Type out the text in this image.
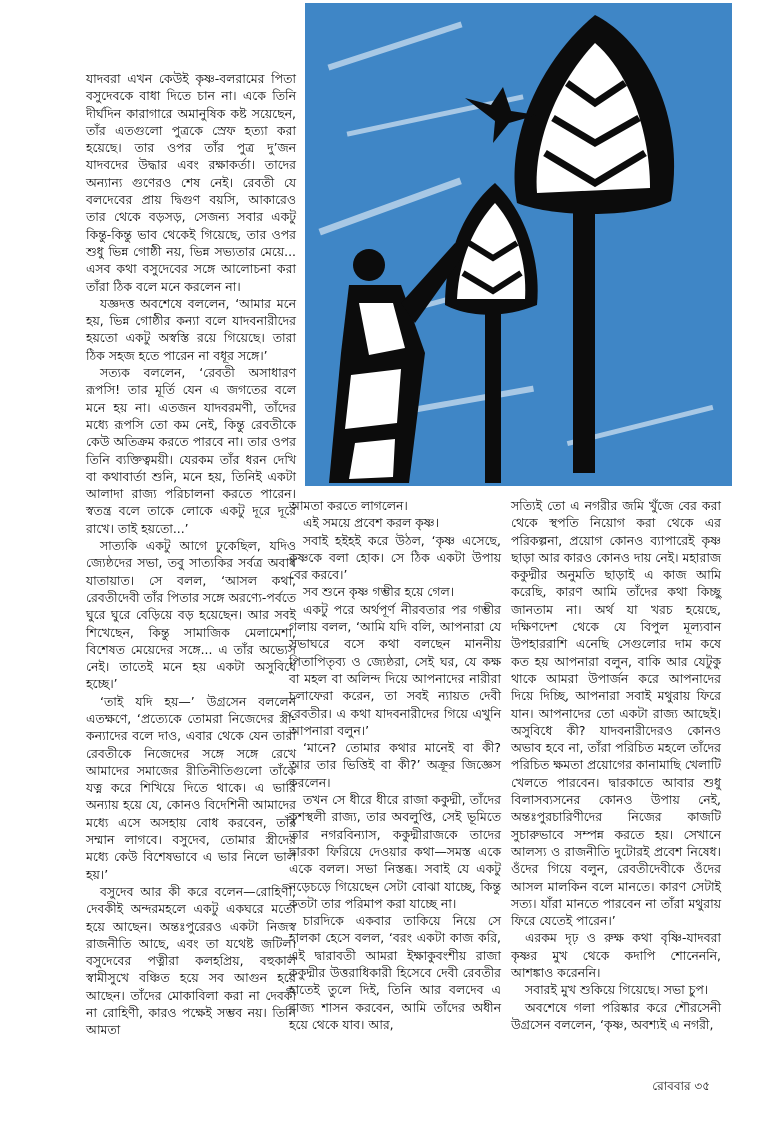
যাদবরা এখন কেউই কৃষ্ণ-বলরামের পিতা বসুদেবকে বাধা দিতে চান না। একে তিনি দীর্ঘদিন কারাগারে অমানুষিক কষ্ট সয়েছেন, তাঁর এতগুলো পুত্রকে স্রেফ হত্যা করা হয়েছে। তার ওপর তাঁর পুত্র দু’জন যাদবদের উদ্ধার এবং রক্ষাকর্তা। তাদের অন্যান্য গুণেরও শেষ নেই। রেবতী যে বলদেবের প্রায় দ্বিগুণ বয়সি, আকারেও তার থেকে বড়সড়, সেজন্য সবার একটু কিন্তু-কিন্তু ভাব থেকেই গিয়েছে, তার ওপর শুধু ভিন্ন গোষ্ঠী নয়, ভিন্ন সভ্যতার মেয়ে... এসব কথা বসুদেবের সঙ্গে আলোচনা করা তাঁরা ঠিক বলে মনে করলেন না।

যজ্ঞদত্ত অবশেষে বললেন, ‘আমার মনে হয়, ভিন্ন গোষ্ঠীর কন্যা বলে যাদবনারীদের হয়তো একটু অস্বস্তি রয়ে গিয়েছে। তারা ঠিক সহজ হতে পারেন না বধূর সঙ্গে।’

সত্যক বললেন, ‘রেবতী অসাধারণ রূপসি! তার মূর্তি যেন এ জগতের বলে মনে হয় না। এতজন যাদবরমণী, তাঁদের মধ্যে রূপসি তো কম নেই, কিন্তু রেবতীকে কেউ অতিক্রম করতে পারবে না। তার ওপর তিনি ব্যক্তিত্বময়ী। যেরকম তাঁর ধরন দেখি বা কথাবার্তা শুনি, মনে হয়, তিনিই একটা আলাদা রাজ্য পরিচালনা করতে পারেন। স্বতন্ত্র বলে তাকে লোকে একটু দূরে দূরে রাখে। তাই হয়তো...’

সাত্যকি একটু আগে ঢুকেছিল, যদিও জ্যেষ্ঠদের সভা, তবু সাত্যকির সর্বত্র অবাধ যাতায়াত। সে বলল, ‘আসল কথা, রেবতীদেবী তাঁর পিতার সঙ্গে অরণ্যে-পর্বতে ঘুরে ঘুরে বেড়িয়ে বড় হয়েছেন। আর সবই শিখেছেন, কিন্তু সামাজিক মেলামেশা, বিশেষত মেয়েদের সঙ্গে... এ তাঁর অভ্যেস নেই। তাতেই মনে হয় একটা অসুবিধে হচ্ছে।’

‘তাই যদি হয়—’ উগ্রসেন বললেন এতক্ষণে, ‘প্রত্যেকে তোমরা নিজেদের স্ত্রী-কন্যাদের বলে দাও, এবার থেকে যেন তারা রেবতীকে নিজেদের সঙ্গে সঙ্গে রেখে আমাদের সমাজের রীতিনীতিগুলো তাঁকে যত্ন করে শিখিয়ে দিতে থাকে। এ ভারি অন্যায় হয়ে যে, কোনও বিদেশিনী আমাদের মধ্যে এসে অসহায় বোধ করবেন, তাঁর সম্মান লাগবে। বসুদেব, তোমার স্ত্রীদের মধ্যে কেউ বিশেষভাবে এ ভার নিলে ভাল হয়।’

বসুদেব আর কী করে বলেন—রোহিণী, দেবকীই অন্দরমহলে একটু একঘরে মতো হয়ে আছেন। অন্তঃপুরেরও একটা নিজস্ব রাজনীতি আছে, এবং তা যথেষ্ট জটিল। বসুদেবের পত্নীরা কলহপ্রিয়, বহুকাল স্বামীসুখে বঞ্চিত হয়ে সব আগুন হয়ে আছেন। তাঁদের মোকাবিলা করা না দেবকী না রোহিণী, কারও পক্ষেই সম্ভব নয়। তিনি আমতা

আমতা করতে লাগলেন।

এই সময়ে প্রবেশ করল কৃষ্ণ।

সবাই হইহই করে উঠল, ‘কৃষ্ণ এসেছে, কৃষ্ণকে বলা হোক। সে ঠিক একটা উপায় বের করবে।’

সব শুনে কৃষ্ণ গম্ভীর হয়ে গেল।

একটু পরে অর্থপূর্ণ নীরবতার পর গম্ভীর গলায় বলল, ‘আমি যদি বলি, আপনারা যে সভাঘরে বসে কথা বলছেন মাননীয় পিতাপিতৃব্য ও জ্যেষ্ঠরা, সেই ঘর, যে কক্ষ বা মহল বা অলিন্দ দিয়ে আপনাদের নারীরা চলাফেরা করেন, তা সবই ন্যায়ত দেবী রেবতীর। এ কথা যাদবনারীদের গিয়ে এখুনি আপনারা বলুন।’

‘মানে? তোমার কথার মানেই বা কী? আর তার ভিত্তিই বা কী?’ অক্রূর জিজ্ঞেস করলেন।

তখন সে ধীরে ধীরে রাজা ককুদ্মী, তাঁদের কুশস্থলী রাজ্য, তার অবলুপ্তি, সেই ভূমিতে তার নগরবিন্যাস, ককুদ্মীরাজকে তাদের দ্বারকা ফিরিয়ে দেওয়ার কথা—সমস্ত একে একে বলল। সভা নিস্তব্ধ। সবাই যে একটু নড়েচড়ে গিয়েছেন সেটা বোঝা যাচ্ছে, কিন্তু কতটা তার পরিমাপ করা যাচ্ছে না।

চারদিকে একবার তাকিয়ে নিয়ে সে হালকা হেসে বলল, ‘বরং একটা কাজ করি, এই দ্বারাবতী আমরা ইক্ষাকুবংশীয় রাজা ককুদ্মীর উত্তরাধিকারী হিসেবে দেবী রেবতীর হাতেই তুলে দিই, তিনি আর বলদেব এ রাজ্য শাসন করবেন, আমি তাঁদের অধীন হয়ে থেকে যাব। আর,

সত্যিই তো এ নগরীর জমি খুঁজে বের করা থেকে স্থপতি নিয়োগ করা থেকে এর পরিকল্পনা, প্রয়োগ কোনও ব্যাপারেই কৃষ্ণ ছাড়া আর কারও কোনও দায় নেই। মহারাজ ককুদ্মীর অনুমতি ছাড়াই এ কাজ আমি করেছি, কারণ আমি তাঁদের কথা কিচ্ছু জানতাম না। অর্থ যা খরচ হয়েছে, দক্ষিণদেশ থেকে যে বিপুল মূল্যবান উপহাররাশি এনেছি সেগুলোর দাম কষে কত হয় আপনারা বলুন, বাকি আর যেটুকু থাকে আমরা উপার্জন করে আপনাদের দিয়ে দিচ্ছি, আপনারা সবাই মথুরায় ফিরে যান। আপনাদের তো একটা রাজ্য আছেই। অসুবিধে কী? যাদবনারীদেরও কোনও অভাব হবে না, তাঁরা পরিচিত মহলে তাঁদের পরিচিত ক্ষমতা প্রয়োগের কানামাছি খেলাটি খেলতে পারবেন। দ্বারকাতে আবার শুধু বিলাসব্যসনের কোনও উপায় নেই, অন্তঃপুরচারিণীদের নিজের কাজটি সুচারুভাবে সম্পন্ন করতে হয়। সেখানে আলস্য ও রাজনীতি দুটোরই প্রবেশ নিষেধ। ওঁদের গিয়ে বলুন, রেবতীদেবীকে ওঁদের আসল মালকিন বলে মানতে। কারণ সেটাই সত্য। যাঁরা মানতে পারবেন না তাঁরা মথুরায় ফিরে যেতেই পারেন।’

এরকম দৃঢ় ও রুক্ষ কথা বৃষ্ণি-যাদবরা কৃষ্ণর মুখ থেকে কদাপি শোনেননি, আশঙ্কাও করেননি।

সবারই মুখ শুকিয়ে গিয়েছে। সভা চুপ।

অবশেষে গলা পরিষ্কার করে শৌরসেনী উগ্রসেন বললেন, ‘কৃষ্ণ, অবশ্যই এ নগরী,

রোববার ৩৫
